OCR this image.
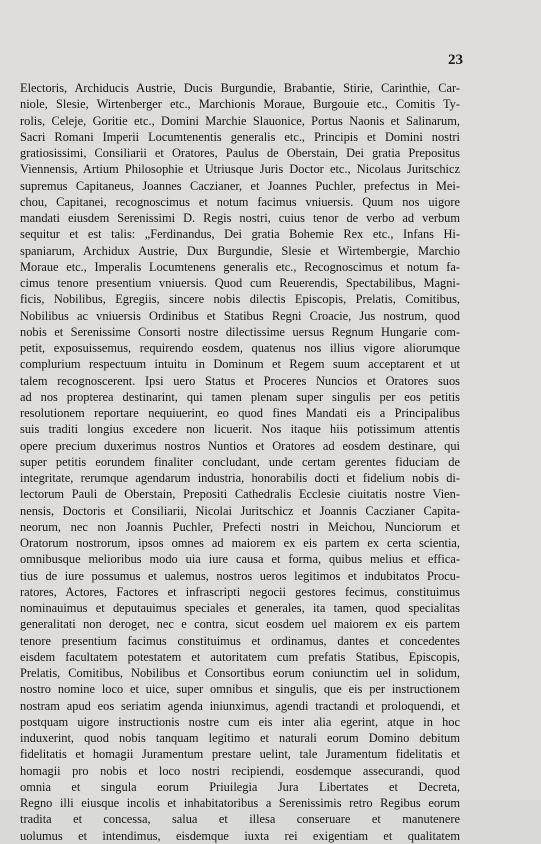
23
Electoris, Archiducis Austrie, Ducis Burgundie, Brabantie, Stirie, Carinthie, Car-
niole, Slesie, Wirtenberger etc., Marchionis Moraue, Burgouie etc., Comitis Ty-
rolis, Celeje, Goritie etc., Domini Marchie Slauonice, Portus Naonis et Salinarum,
Sacri Romani Imperii Locumtenentis generalis etc., Principis et Domini nostri
gratiosissimi, Consiliarii et Oratores, Paulus de Oberstain, Dei gratia Prepositus
Viennensis, Artium Philosophie et Utriusque Juris Doctor etc., Nicolaus Juritschicz
supremus Capitaneus, Joannes Caczianer, et Joannes Puchler, prefectus in Mei-
chou, Capitanei, recognoscimus et notum facimus vniuersis. Quum nos uigore
mandati eiusdem Serenissimi D. Regis nostri, cuius tenor de verbo ad verbum
sequitur et est talis: „Ferdinandus, Dei gratia Bohemie Rex etc., Infans Hi-
spaniarum, Archidux Austrie, Dux Burgundie, Slesie et Wirtembergie, Marchio
Moraue etc., Imperalis Locumtenens generalis etc., Recognoscimus et notum fa-
cimus tenore presentium vniuersis. Quod cum Reuerendis, Spectabilibus, Magni-
ficis, Nobilibus, Egregiis, sincere nobis dilectis Episcopis, Prelatis, Comitibus,
Nobilibus ac vniuersis Ordinibus et Statibus Regni Croacie, Jus nostrum, quod
nobis et Serenissime Consorti nostre dilectissime uersus Regnum Hungarie com-
petit, exposuissemus, requirendo eosdem, quatenus nos illius vigore aliorumque
complurium respectuum intuitu in Dominum et Regem suum acceptarent et ut
talem recognoscerent. Ipsi uero Status et Proceres Nuncios et Oratores suos
ad nos propterea destinarint, qui tamen plenam super singulis per eos petitis
resolutionem reportare nequiuerint, eo quod fines Mandati eis a Principalibus
suis traditi longius excedere non licuerit. Nos itaque hiis potissimum attentis
opere precium duxerimus nostros Nuntios et Oratores ad eosdem destinare, qui
super petitis eorundem finaliter concludant, unde certam gerentes fiduciam de
integritate, rerumque agendarum industria, honorabilis docti et fidelium nobis di-
lectorum Pauli de Oberstain, Prepositi Cathedralis Ecclesie ciuitatis nostre Vien-
nensis, Doctoris et Consiliarii, Nicolai Juritschicz et Joannis Caczianer Capita-
neorum, nec non Joannis Puchler, Prefecti nostri in Meichou, Nunciorum et
Oratorum nostrorum, ipsos omnes ad maiorem ex eis partem ex certa scientia,
omnibusque melioribus modo uia iure causa et forma, quibus melius et effica-
tius de iure possumus et ualemus, nostros ueros legitimos et indubitatos Procu-
ratores, Actores, Factores et infrascripti negocii gestores fecimus, constituimus
nominauimus et deputauimus speciales et generales, ita tamen, quod specialitas
generalitati non deroget, nec e contra, sicut eosdem uel maiorem ex eis partem
tenore presentium facimus constituimus et ordinamus, dantes et concedentes
eisdem facultatem potestatem et autoritatem cum prefatis Statibus, Episcopis,
Prelatis, Comitibus, Nobilibus et Consortibus eorum coniunctim uel in solidum,
nostro nomine loco et uice, super omnibus et singulis, que eis per instructionem
nostram apud eos seriatim agenda iniunximus, agendi tractandi et proloquendi, et
postquam uigore instructionis nostre cum eis inter alia egerint, atque in hoc
induxerint, quod nobis tanquam legitimo et naturali eorum Domino debitum
fidelitatis et homagii Juramentum prestare uelint, tale Juramentum fidelitatis et
homagii pro nobis et loco nostri recipiendi, eosdemque assecurandi, quod
omnia et singula eorum Priuilegia Jura Libertates et Decreta,
Regno illi eiusque incolis et inhabitatoribus a Serenissimis retro Regibus eorum
tradita et concessa, salua et illesa conseruare et manutenere
uolumus et intendimus, eisdemque iuxta rei exigentiam et qualitatem
